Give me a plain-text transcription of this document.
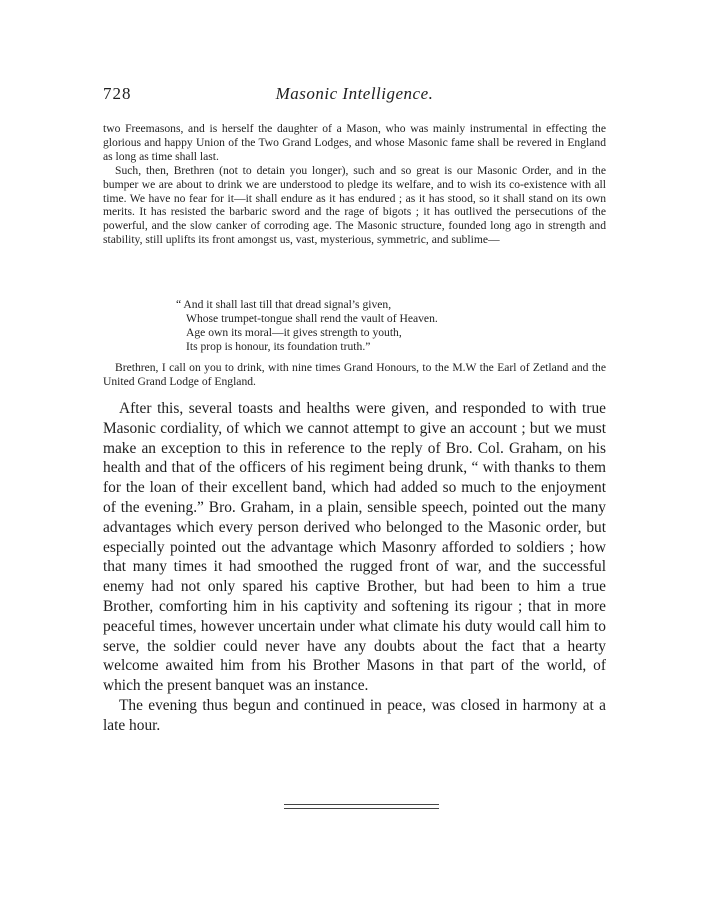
728	Masonic Intelligence.

two Freemasons, and is herself the daughter of a Mason, who was mainly instrumental in effecting the glorious and happy Union of the Two Grand Lodges, and whose Masonic fame shall be revered in England as long as time shall last.

Such, then, Brethren (not to detain you longer), such and so great is our Masonic Order, and in the bumper we are about to drink we are understood to pledge its welfare, and to wish its co-existence with all time. We have no fear for it—it shall endure as it has endured ; as it has stood, so it shall stand on its own merits. It has resisted the barbaric sword and the rage of bigots ; it has outlived the persecutions of the powerful, and the slow canker of corroding age. The Masonic structure, founded long ago in strength and stability, still uplifts its front amongst us, vast, mysterious, symmetric, and sublime—

“ And it shall last till that dread signal’s given,
Whose trumpet-tongue shall rend the vault of Heaven.
Age own its moral—it gives strength to youth,
Its prop is honour, its foundation truth.”

Brethren, I call on you to drink, with nine times Grand Honours, to the M.W the Earl of Zetland and the United Grand Lodge of England.

After this, several toasts and healths were given, and responded to with true Masonic cordiality, of which we cannot attempt to give an account ; but we must make an exception to this in reference to the reply of Bro. Col. Graham, on his health and that of the officers of his regiment being drunk, “ with thanks to them for the loan of their excellent band, which had added so much to the enjoyment of the evening.” Bro. Graham, in a plain, sensible speech, pointed out the many advantages which every person derived who belonged to the Masonic order, but especially pointed out the advantage which Masonry afforded to soldiers ; how that many times it had smoothed the rugged front of war, and the successful enemy had not only spared his captive Brother, but had been to him a true Brother, comforting him in his captivity and softening its rigour ; that in more peaceful times, however uncertain under what climate his duty would call him to serve, the soldier could never have any doubts about the fact that a hearty welcome awaited him from his Brother Masons in that part of the world, of which the present banquet was an instance.

The evening thus begun and continued in peace, was closed in harmony at a late hour.
